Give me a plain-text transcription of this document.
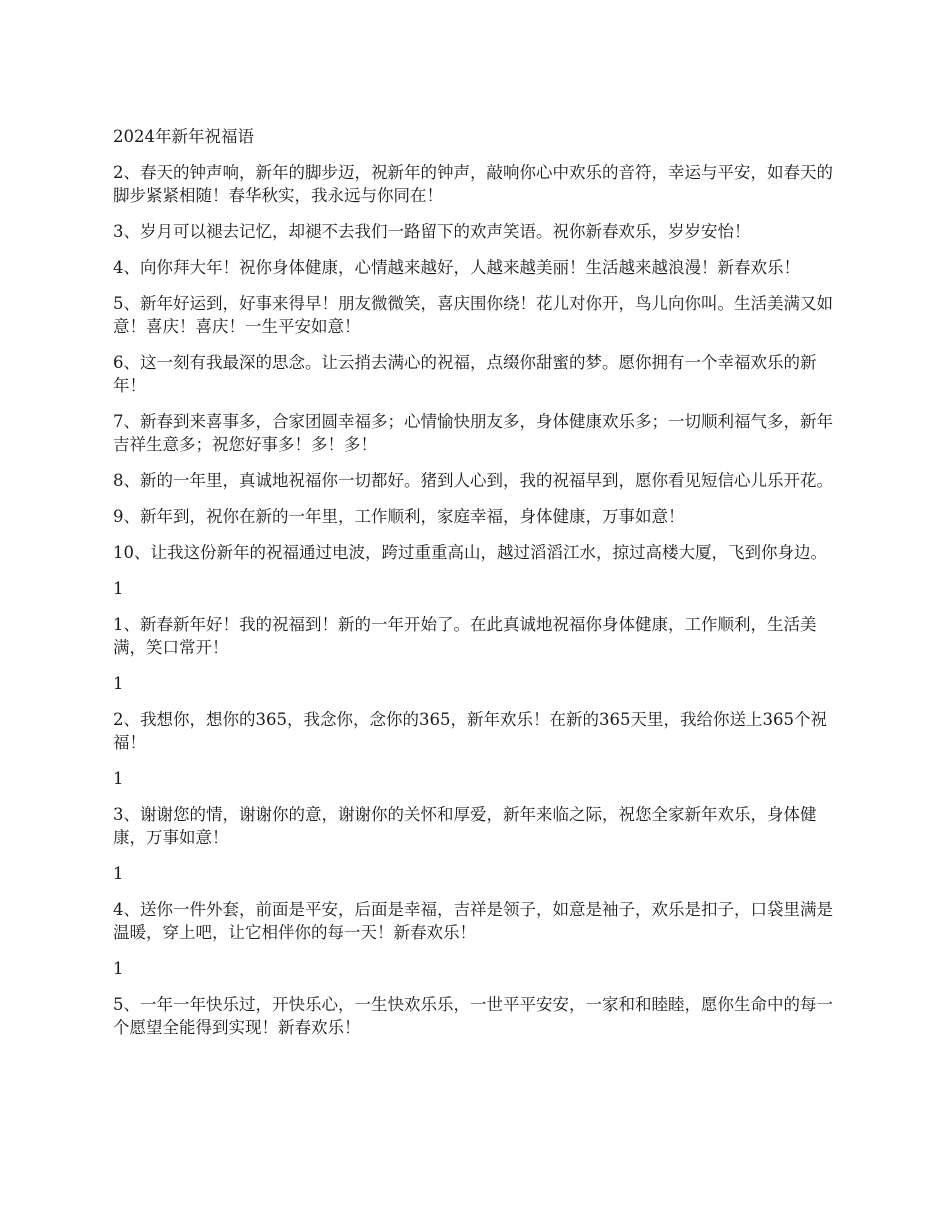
2024年新年祝福语

2、春天的钟声响，新年的脚步迈，祝新年的钟声，敲响你心中欢乐的音符，幸运与平安，如春天的脚步紧紧相随！春华秋实，我永远与你同在！

3、岁月可以褪去记忆，却褪不去我们一路留下的欢声笑语。祝你新春欢乐，岁岁安怡！

4、向你拜大年！祝你身体健康，心情越来越好，人越来越美丽！生活越来越浪漫！新春欢乐！

5、新年好运到，好事来得早！朋友微微笑，喜庆围你绕！花儿对你开，鸟儿向你叫。生活美满又如意！喜庆！喜庆！一生平安如意！

6、这一刻有我最深的思念。让云捎去满心的祝福，点缀你甜蜜的梦。愿你拥有一个幸福欢乐的新年！

7、新春到来喜事多，合家团圆幸福多；心情愉快朋友多，身体健康欢乐多；一切顺利福气多，新年吉祥生意多；祝您好事多！多！多！

8、新的一年里，真诚地祝福你一切都好。猪到人心到，我的祝福早到，愿你看见短信心儿乐开花。

9、新年到，祝你在新的一年里，工作顺利，家庭幸福，身体健康，万事如意！

10、让我这份新年的祝福通过电波，跨过重重高山，越过滔滔江水，掠过高楼大厦，飞到你身边。

1

1、新春新年好！我的祝福到！新的一年开始了。在此真诚地祝福你身体健康，工作顺利，生活美满，笑口常开！

1

2、我想你，想你的365，我念你，念你的365，新年欢乐！在新的365天里，我给你送上365个祝福！

1

3、谢谢您的情，谢谢你的意，谢谢你的关怀和厚爱，新年来临之际，祝您全家新年欢乐，身体健康，万事如意！

1

4、送你一件外套，前面是平安，后面是幸福，吉祥是领子，如意是袖子，欢乐是扣子，口袋里满是温暖，穿上吧，让它相伴你的每一天！新春欢乐！

1

5、一年一年快乐过，开快乐心，一生快欢乐乐，一世平平安安，一家和和睦睦，愿你生命中的每一个愿望全能得到实现！新春欢乐！
